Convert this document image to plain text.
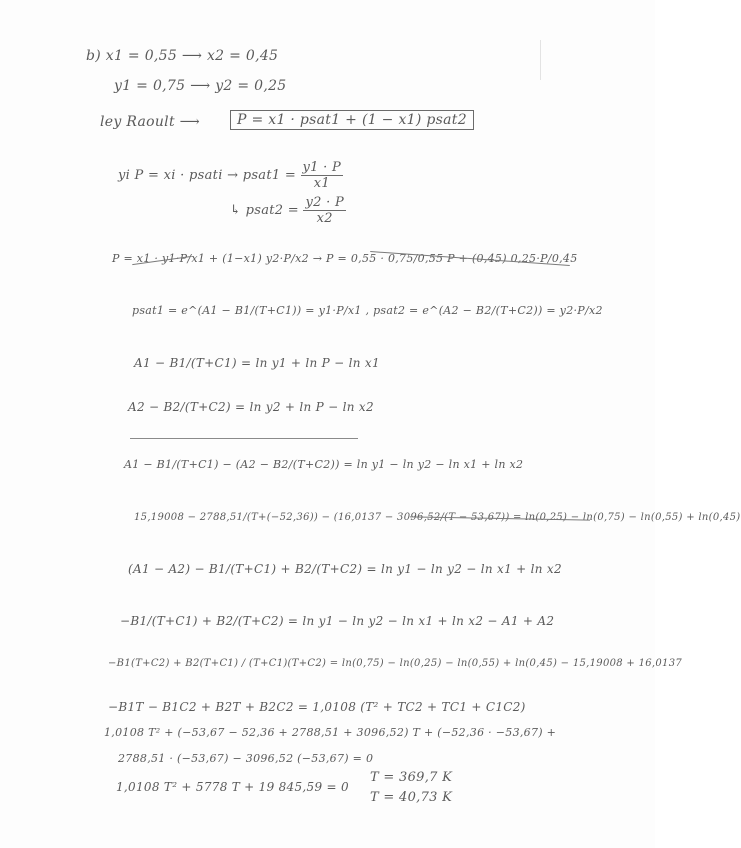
b) x1 = 0,55 ⟶ x2 = 0,45
y1 = 0,75 ⟶ y2 = 0,25
ley Raoult ⟶	P = x1 · psat1 + (1 − x1) psat2
yi P = xi · psati → psat1 = $\frac{y1 \cdot P}{x1}$
↳ psat2 = $\frac{y2 \cdot P}{x2}$
P = x1 · y1·P/x1 + (1−x1) y2·P/x2 → P = 0,55 · 0,75/0,55 P + (0,45) 0,25·P/0,45
psat1 = e^(A1 − B1/(T+C1)) = y1·P/x1 , psat2 = e^(A2 − B2/(T+C2)) = y2·P/x2
A1 − B1/(T+C1) = ln y1 + ln P − ln x1
A2 − B2/(T+C2) = ln y2 + ln P − ln x2
A1 − B1/(T+C1) − (A2 − B2/(T+C2)) = ln y1 − ln y2 − ln x1 + ln x2
15,19008 − 2788,51/(T+(−52,36)) − (16,0137 − 3096,52/(T − 53,67)) = ln(0,25) − ln(0,75) − ln(0,55) + ln(0,45)
(A1 − A2) − B1/(T+C1) + B2/(T+C2) = ln y1 − ln y2 − ln x1 + ln x2
−B1/(T+C1) + B2/(T+C2) = ln y1 − ln y2 − ln x1 + ln x2 − A1 + A2
−B1(T+C2) + B2(T+C1) / (T+C1)(T+C2) = ln(0,75) − ln(0,25) − ln(0,55) + ln(0,45) − 15,19008 + 16,0137
−B1T − B1C2 + B2T + B2C2 = 1,0108 (T² + TC2 + TC1 + C1C2)
1,0108 T² + (−53,67 − 52,36 + 2788,51 + 3096,52) T + (−52,36 · −53,67) +
2788,51 · (−53,67) − 3096,52 (−53,67) = 0
1,0108 T² + 5778 T + 19 845,59 = 0
T = 369,7 K
T = 40,73 K
